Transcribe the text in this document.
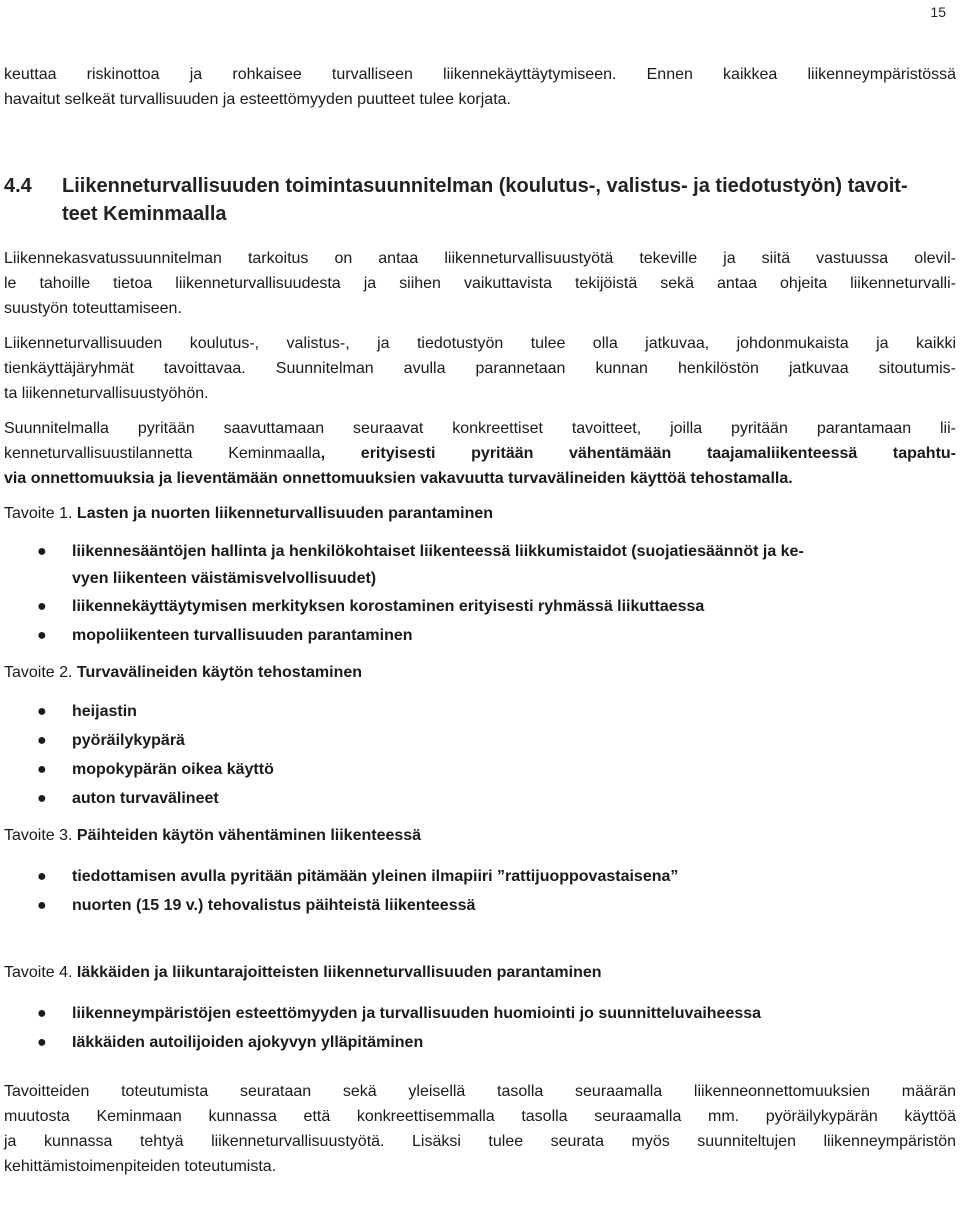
15
keuttaa riskinottoa ja rohkaisee turvalliseen liikennekäyttäytymiseen. Ennen kaikkea liikenneympäristössä
havaitut selkeät turvallisuuden ja esteettömyyden puutteet tulee korjata.
4.4 Liikenneturvallisuuden toimintasuunnitelman (koulutus-, valistus- ja tiedotustyön) tavoit-
teet Keminmaalla
Liikennekasvatussuunnitelman tarkoitus on antaa liikenneturvallisuustyötä tekeville ja siitä vastuussa olevil-
le tahoille tietoa liikenneturvallisuudesta ja siihen vaikuttavista tekijöistä sekä antaa ohjeita liikenneturvalli-
suustyön toteuttamiseen.
Liikenneturvallisuuden koulutus-, valistus-, ja tiedotustyön tulee olla jatkuvaa, johdonmukaista ja kaikki
tienkäyttäjäryhmät tavoittavaa. Suunnitelman avulla parannetaan kunnan henkilöstön jatkuvaa sitoutumis-
ta liikenneturvallisuustyöhön.
Suunnitelmalla pyritään saavuttamaan seuraavat konkreettiset tavoitteet, joilla pyritään parantamaan lii-
kenneturvallisuustilannetta Keminmaalla, erityisesti pyritään vähentämään taajamaliikenteessä tapahtu-
via onnettomuuksia ja lieventämään onnettomuuksien vakavuutta turvavälineiden käyttöä tehostamalla.
Tavoite 1. Lasten ja nuorten liikenneturvallisuuden parantaminen
● liikennesääntöjen hallinta ja henkilökohtaiset liikenteessä liikkumistaidot (suojatiesäännöt ja ke-
vyen liikenteen väistämisvelvollisuudet)
● liikennekäyttäytymisen merkityksen korostaminen erityisesti ryhmässä liikuttaessa
● mopoliikenteen turvallisuuden parantaminen
Tavoite 2. Turvavälineiden käytön tehostaminen
● heijastin
● pyöräilykypärä
● mopokypärän oikea käyttö
● auton turvavälineet
Tavoite 3. Päihteiden käytön vähentäminen liikenteessä
● tiedottamisen avulla pyritään pitämään yleinen ilmapiiri ”rattijuoppovastaisena”
● nuorten (15 19 v.) tehovalistus päihteistä liikenteessä
Tavoite 4. Iäkkäiden ja liikuntarajoitteisten liikenneturvallisuuden parantaminen
● liikenneympäristöjen esteettömyyden ja turvallisuuden huomiointi jo suunnitteluvaiheessa
● Iäkkäiden autoilijoiden ajokyvyn ylläpitäminen
Tavoitteiden toteutumista seurataan sekä yleisellä tasolla seuraamalla liikenneonnettomuuksien määrän
muutosta Keminmaan kunnassa että konkreettisemmalla tasolla seuraamalla mm. pyöräilykypärän käyttöä
ja kunnassa tehtyä liikenneturvallisuustyötä. Lisäksi tulee seurata myös suunniteltujen liikenneympäristön
kehittämistoimenpiteiden toteutumista.
